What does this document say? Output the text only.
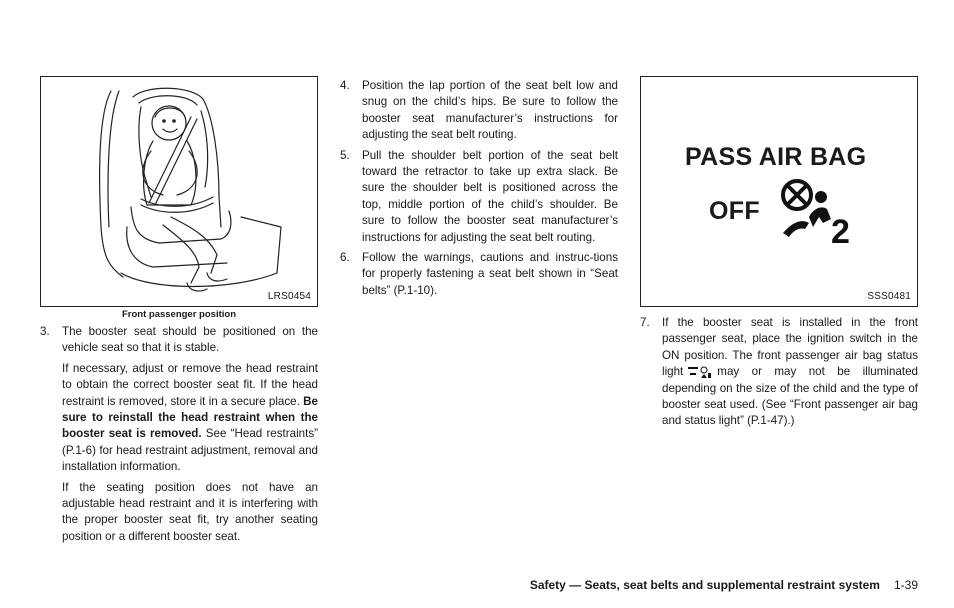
LRS0454
Front passenger position

3.	The booster seat should be positioned on the vehicle seat so that it is stable.

If necessary, adjust or remove the head restraint to obtain the correct booster seat fit. If the head restraint is removed, store it in a secure place. Be sure to reinstall the head restraint when the booster seat is removed. See “Head restraints” (P.1-6) for head restraint adjustment, removal and installation information.

If the seating position does not have an adjustable head restraint and it is interfering with the proper booster seat fit, try another seating position or a different booster seat.

4.	Position the lap portion of the seat belt low and snug on the child’s hips. Be sure to follow the booster seat manufacturer’s instructions for adjusting the seat belt routing.

5.	Pull the shoulder belt portion of the seat belt toward the retractor to take up extra slack. Be sure the shoulder belt is positioned across the top, middle portion of the child’s shoulder. Be sure to follow the booster seat manufacturer’s instructions for adjusting the seat belt routing.

6.	Follow the warnings, cautions and instruc-tions for properly fastening a seat belt shown in “Seat belts” (P.1-10).

PASS AIR BAG
OFF
2
SSS0481

7.	If the booster seat is installed in the front passenger seat, place the ignition switch in the ON position. The front passenger air bag status light	may or may not be illuminated depending on the size of the child and the type of booster seat used. (See “Front passenger air bag and status light” (P.1-47).)

Safety — Seats, seat belts and supplemental restraint system 1-39
